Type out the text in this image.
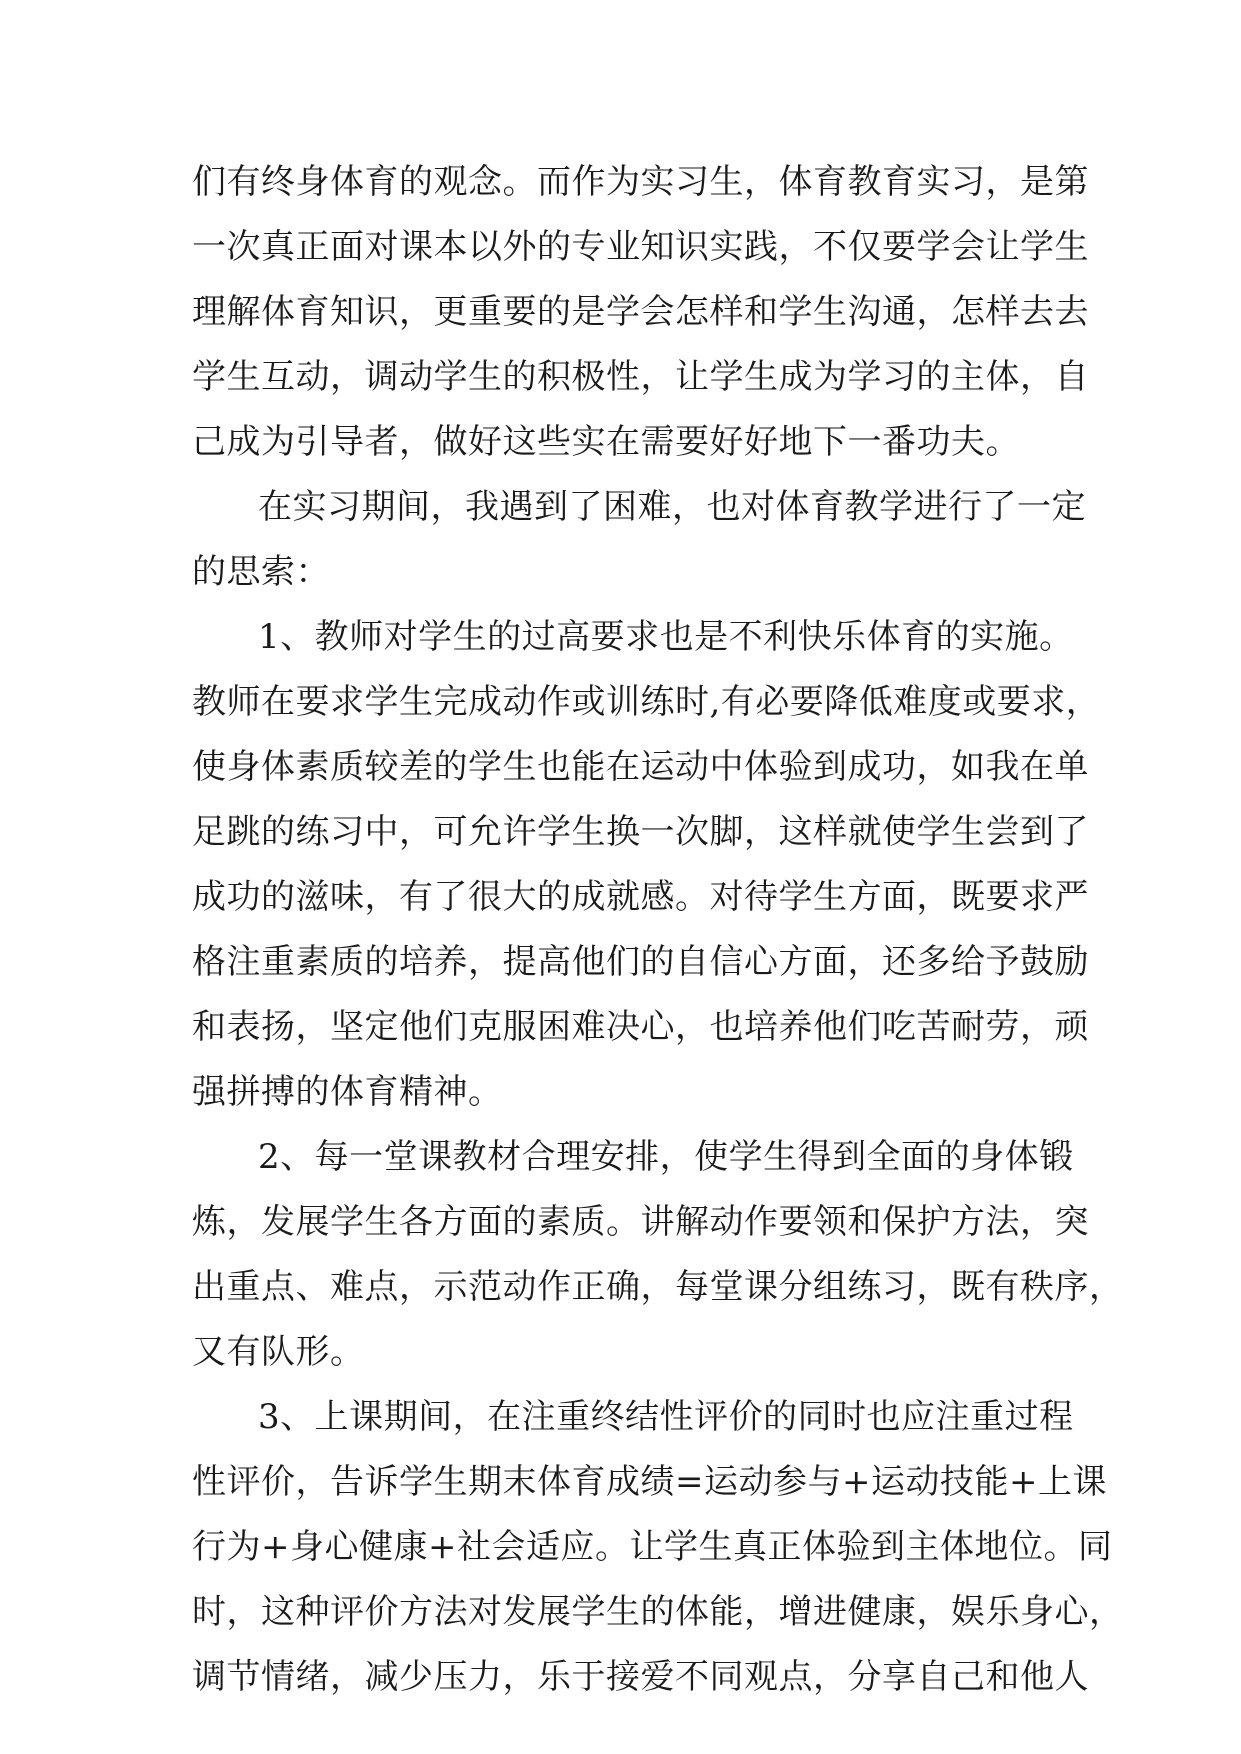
们有终身体育的观念。而作为实习生，体育教育实习，是第
一次真正面对课本以外的专业知识实践，不仅要学会让学生
理解体育知识，更重要的是学会怎样和学生沟通，怎样去去
学生互动，调动学生的积极性，让学生成为学习的主体，自
己成为引导者，做好这些实在需要好好地下一番功夫。
在实习期间，我遇到了困难，也对体育教学进行了一定
的思索：
1、教师对学生的过高要求也是不利快乐体育的实施。
教师在要求学生完成动作或训练时,有必要降低难度或要求，
使身体素质较差的学生也能在运动中体验到成功，如我在单
足跳的练习中，可允许学生换一次脚，这样就使学生尝到了
成功的滋味，有了很大的成就感。对待学生方面，既要求严
格注重素质的培养，提高他们的自信心方面，还多给予鼓励
和表扬，坚定他们克服困难决心，也培养他们吃苦耐劳，顽
强拼搏的体育精神。
2、每一堂课教材合理安排，使学生得到全面的身体锻
炼，发展学生各方面的素质。讲解动作要领和保护方法，突
出重点、难点，示范动作正确，每堂课分组练习，既有秩序，
又有队形。
3、上课期间，在注重终结性评价的同时也应注重过程
性评价，告诉学生期末体育成绩=运动参与+运动技能+上课
行为+身心健康+社会适应。让学生真正体验到主体地位。同
时，这种评价方法对发展学生的体能，增进健康，娱乐身心，
调节情绪，减少压力，乐于接爱不同观点，分享自己和他人
